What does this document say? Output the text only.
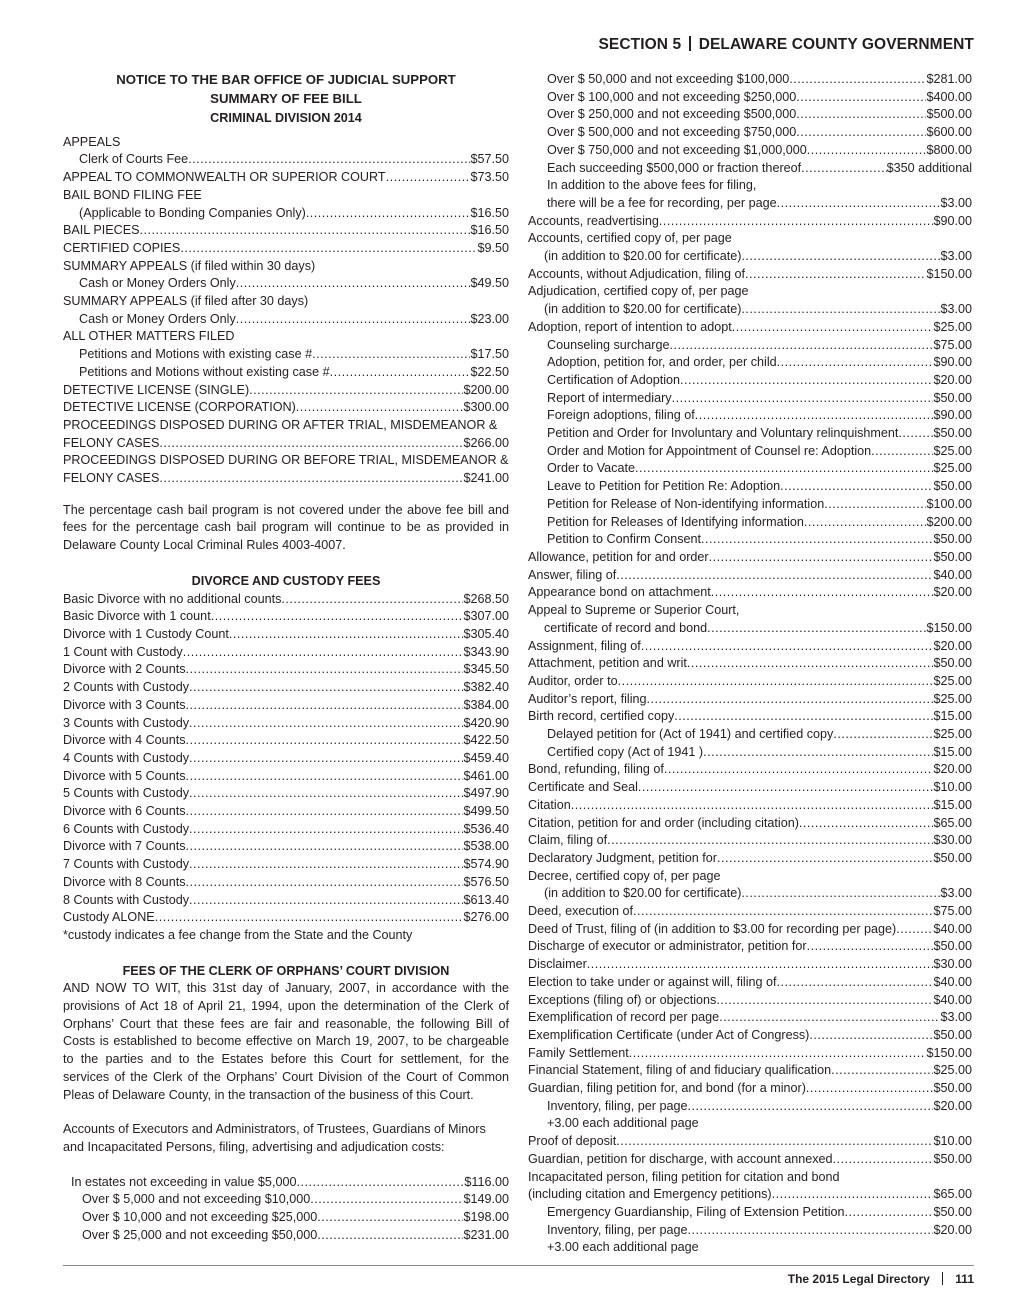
SECTION 5 DELAWARE COUNTY GOVERNMENT
NOTICE TO THE BAR OFFICE OF JUDICIAL SUPPORT
SUMMARY OF FEE BILL
CRIMINAL DIVISION 2014
APPEALS
Clerk of Courts Fee .....	$57.50
APPEAL TO COMMONWEALTH OR SUPERIOR COURT .....	$73.50
BAIL BOND FILING FEE
(Applicable to Bonding Companies Only) .....	$16.50
BAIL PIECES .....	$16.50
CERTIFIED COPIES .....	$9.50
SUMMARY APPEALS (if filed within 30 days)
Cash or Money Orders Only .....	$49.50
SUMMARY APPEALS (if filed after 30 days)
Cash or Money Orders Only .....	$23.00
ALL OTHER MATTERS FILED
Petitions and Motions with existing case # .....	$17.50
Petitions and Motions without existing case # .....	$22.50
DETECTIVE LICENSE (SINGLE) .....	$200.00
DETECTIVE LICENSE (CORPORATION) .....	$300.00
PROCEEDINGS DISPOSED DURING OR AFTER TRIAL, MISDEMEANOR &
FELONY CASES .....	$266.00
PROCEEDINGS DISPOSED DURING OR BEFORE TRIAL, MISDEMEANOR &
FELONY CASES .....	$241.00
The percentage cash bail program is not covered under the above fee bill and fees for the percentage cash bail program will continue to be as provided in Delaware County Local Criminal Rules 4003-4007.
DIVORCE AND CUSTODY FEES
Basic Divorce with no additional counts .....	$268.50
Basic Divorce with 1 count .....	$307.00
Divorce with 1 Custody Count .....	$305.40
1 Count with Custody .....	$343.90
Divorce with 2 Counts .....	$345.50
2 Counts with Custody .....	$382.40
Divorce with 3 Counts .....	$384.00
3 Counts with Custody .....	$420.90
Divorce with 4 Counts .....	$422.50
4 Counts with Custody .....	$459.40
Divorce with 5 Counts .....	$461.00
5 Counts with Custody .....	$497.90
Divorce with 6 Counts .....	$499.50
6 Counts with Custody .....	$536.40
Divorce with 7 Counts .....	$538.00
7 Counts with Custody .....	$574.90
Divorce with 8 Counts .....	$576.50
8 Counts with Custody .....	$613.40
Custody ALONE .....	$276.00
*custody indicates a fee change from the State and the County
FEES OF THE CLERK OF ORPHANS’ COURT DIVISION
AND NOW TO WIT, this 31st day of January, 2007, in accordance with the provisions of Act 18 of April 21, 1994, upon the determination of the Clerk of Orphans’ Court that these fees are fair and reasonable, the following Bill of Costs is established to become effective on March 19, 2007, to be chargeable to the parties and to the Estates before this Court for settlement, for the services of the Clerk of the Orphans’ Court Division of the Court of Common Pleas of Delaware County, in the transaction of the business of this Court.
Accounts of Executors and Administrators, of Trustees, Guardians of Minors and Incapacitated Persons, filing, advertising and adjudication costs:
In estates not exceeding in value $5,000 .....	$116.00
Over $ 5,000 and not exceeding $10,000 .....	$149.00
Over $ 10,000 and not exceeding $25,000 .....	$198.00
Over $ 25,000 and not exceeding $50,000 .....	$231.00
Over $ 50,000 and not exceeding $100,000 .....	$281.00
Over $ 100,000 and not exceeding $250,000 .....	$400.00
Over $ 250,000 and not exceeding $500,000 .....	$500.00
Over $ 500,000 and not exceeding $750,000 .....	$600.00
Over $ 750,000 and not exceeding $1,000,000 .....	$800.00
Each succeeding $500,000 or fraction thereof .....	$350 additional
In addition to the above fees for filing,
there will be a fee for recording, per page .....	$3.00
Accounts, readvertising .....	$90.00
Accounts, certified copy of, per page
(in addition to $20.00 for certificate) .....	$3.00
Accounts, without Adjudication, filing of .....	$150.00
Adjudication, certified copy of, per page
(in addition to $20.00 for certificate) .....	$3.00
Adoption, report of intention to adopt .....	$25.00
Counseling surcharge .....	$75.00
Adoption, petition for, and order, per child .....	$90.00
Certification of Adoption .....	$20.00
Report of intermediary .....	$50.00
Foreign adoptions, filing of .....	$90.00
Petition and Order for Involuntary and Voluntary relinquishment .....	$50.00
Order and Motion for Appointment of Counsel re: Adoption .....	$25.00
Order to Vacate .....	$25.00
Leave to Petition for Petition Re: Adoption .....	$50.00
Petition for Release of Non-identifying information .....	$100.00
Petition for Releases of Identifying information .....	$200.00
Petition to Confirm Consent .....	$50.00
Allowance, petition for and order .....	$50.00
Answer, filing of .....	$40.00
Appearance bond on attachment .....	$20.00
Appeal to Supreme or Superior Court,
certificate of record and bond .....	$150.00
Assignment, filing of .....	$20.00
Attachment, petition and writ .....	$50.00
Auditor, order to .....	$25.00
Auditor’s report, filing .....	$25.00
Birth record, certified copy .....	$15.00
Delayed petition for (Act of 1941) and certified copy .....	$25.00
Certified copy (Act of 1941 ) .....	$15.00
Bond, refunding, filing of .....	$20.00
Certificate and Seal .....	$10.00
Citation .....	$15.00
Citation, petition for and order (including citation) .....	$65.00
Claim, filing of .....	$30.00
Declaratory Judgment, petition for .....	$50.00
Decree, certified copy of, per page
(in addition to $20.00 for certificate) .....	$3.00
Deed, execution of .....	$75.00
Deed of Trust, filing of (in addition to $3.00 for recording per page) .....	$40.00
Discharge of executor or administrator, petition for .....	$50.00
Disclaimer .....	$30.00
Election to take under or against will, filing of .....	$40.00
Exceptions (filing of) or objections .....	$40.00
Exemplification of record per page .....	$3.00
Exemplification Certificate (under Act of Congress) .....	$50.00
Family Settlement .....	$150.00
Financial Statement, filing of and fiduciary qualification .....	$25.00
Guardian, filing petition for, and bond (for a minor) .....	$50.00
Inventory, filing, per page .....	$20.00
+3.00 each additional page
Proof of deposit .....	$10.00
Guardian, petition for discharge, with account annexed .....	$50.00
Incapacitated person, filing petition for citation and bond
(including citation and Emergency petitions) .....	$65.00
Emergency Guardianship, Filing of Extension Petition .....	$50.00
Inventory, filing, per page .....	$20.00
+3.00 each additional page
The 2015 Legal Directory 111
